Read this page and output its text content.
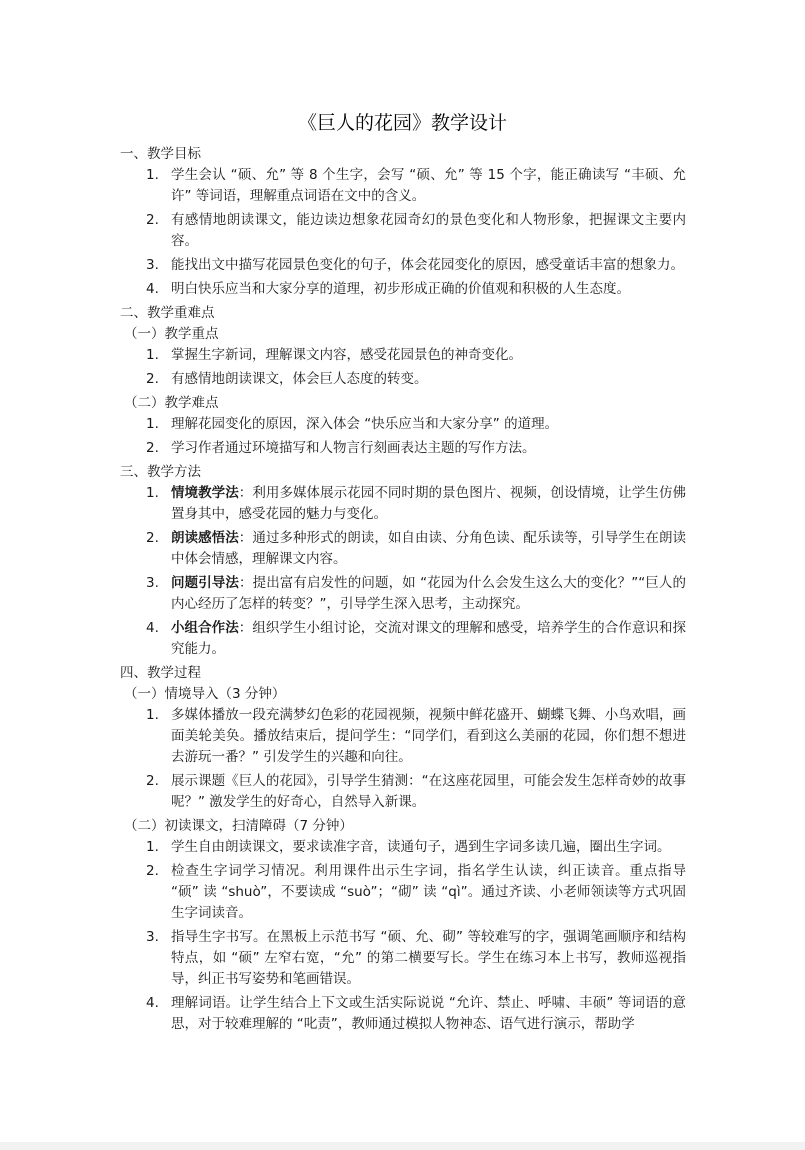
《巨人的花园》教学设计
一、教学目标
1. 学生会认 “硕、允” 等 8 个生字，会写 “硕、允” 等 15 个字，能正确读写 “丰硕、允许” 等词语，理解重点词语在文中的含义。
2. 有感情地朗读课文，能边读边想象花园奇幻的景色变化和人物形象，把握课文主要内容。
3. 能找出文中描写花园景色变化的句子，体会花园变化的原因，感受童话丰富的想象力。
4. 明白快乐应当和大家分享的道理，初步形成正确的价值观和积极的人生态度。
二、教学重难点
（一）教学重点
1. 掌握生字新词，理解课文内容，感受花园景色的神奇变化。
2. 有感情地朗读课文，体会巨人态度的转变。
（二）教学难点
1. 理解花园变化的原因，深入体会 “快乐应当和大家分享” 的道理。
2. 学习作者通过环境描写和人物言行刻画表达主题的写作方法。
三、教学方法
1. 情境教学法：利用多媒体展示花园不同时期的景色图片、视频，创设情境，让学生仿佛置身其中，感受花园的魅力与变化。
2. 朗读感悟法：通过多种形式的朗读，如自由读、分角色读、配乐读等，引导学生在朗读中体会情感，理解课文内容。
3. 问题引导法：提出富有启发性的问题，如 “花园为什么会发生这么大的变化？”“巨人的内心经历了怎样的转变？”，引导学生深入思考，主动探究。
4. 小组合作法：组织学生小组讨论，交流对课文的理解和感受，培养学生的合作意识和探究能力。
四、教学过程
（一）情境导入（3 分钟）
1. 多媒体播放一段充满梦幻色彩的花园视频，视频中鲜花盛开、蝴蝶飞舞、小鸟欢唱，画面美轮美奂。播放结束后，提问学生：“同学们，看到这么美丽的花园，你们想不想进去游玩一番？” 引发学生的兴趣和向往。
2. 展示课题《巨人的花园》，引导学生猜测：“在这座花园里，可能会发生怎样奇妙的故事呢？” 激发学生的好奇心，自然导入新课。
（二）初读课文，扫清障碍（7 分钟）
1. 学生自由朗读课文，要求读准字音，读通句子，遇到生字词多读几遍，圈出生字词。
2. 检查生字词学习情况。利用课件出示生字词，指名学生认读，纠正读音。重点指导 “硕” 读 “shuò”，不要读成 “suò”；“砌” 读 “qì”。通过齐读、小老师领读等方式巩固生字词读音。
3. 指导生字书写。在黑板上示范书写 “硕、允、砌” 等较难写的字，强调笔画顺序和结构特点，如 “硕” 左窄右宽，“允” 的第二横要写长。学生在练习本上书写，教师巡视指导，纠正书写姿势和笔画错误。
4. 理解词语。让学生结合上下文或生活实际说说 “允许、禁止、呼啸、丰硕” 等词语的意思，对于较难理解的 “叱责”，教师通过模拟人物神态、语气进行演示，帮助学
